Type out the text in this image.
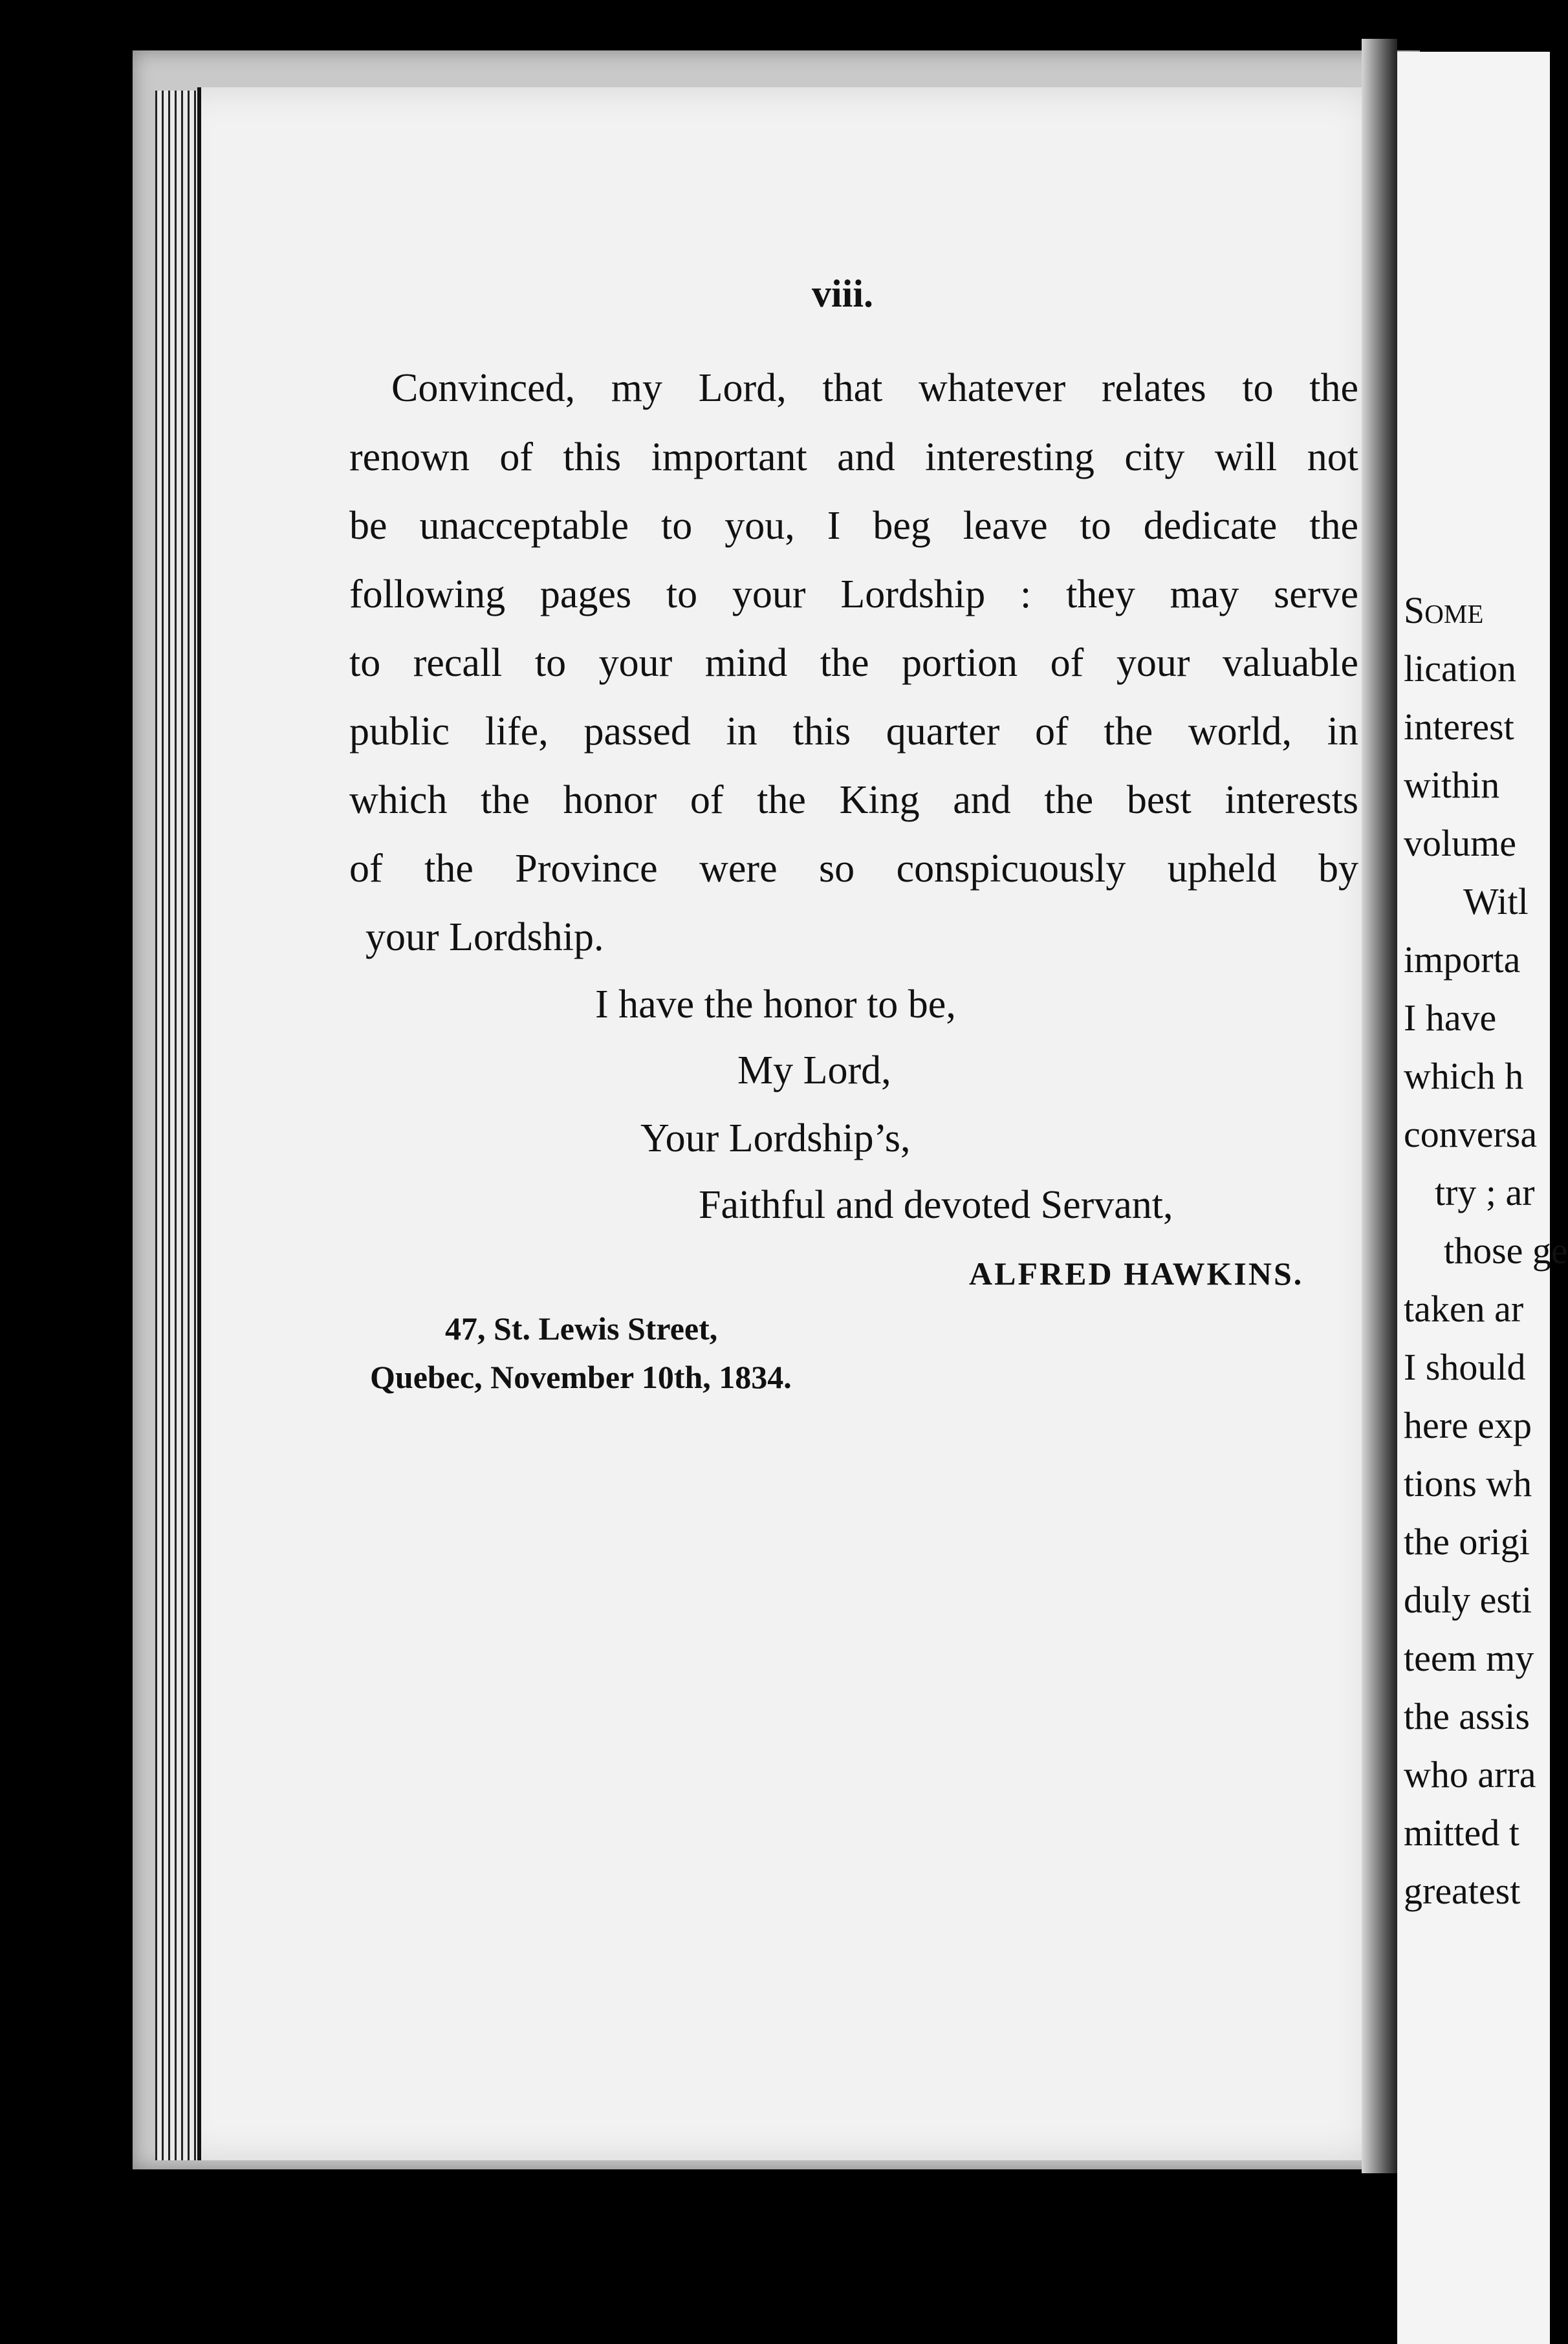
viii.
Convinced, my Lord, that whatever relates to the
renown of this important and interesting city will not
be unacceptable to you, I beg leave to dedicate the
following pages to your Lordship : they may serve
to recall to your mind the portion of your valuable
public life, passed in this quarter of the world, in
which the honor of the King and the best interests
of the Province were so conspicuously upheld by
your Lordship.
I have the honor to be,
My Lord,
Your Lordship’s,
Faithful and devoted Servant,
ALFRED HAWKINS.
47, St. Lewis Street,
Quebec, November 10th, 1834.
Some
lication
interest
within
volume
Witl
importa
I have
which h
conversa
try ; ar
those ge
taken ar
I should
here exp
tions wh
the origi
duly esti
teem my
the assis
who arra
mitted t
greatest
